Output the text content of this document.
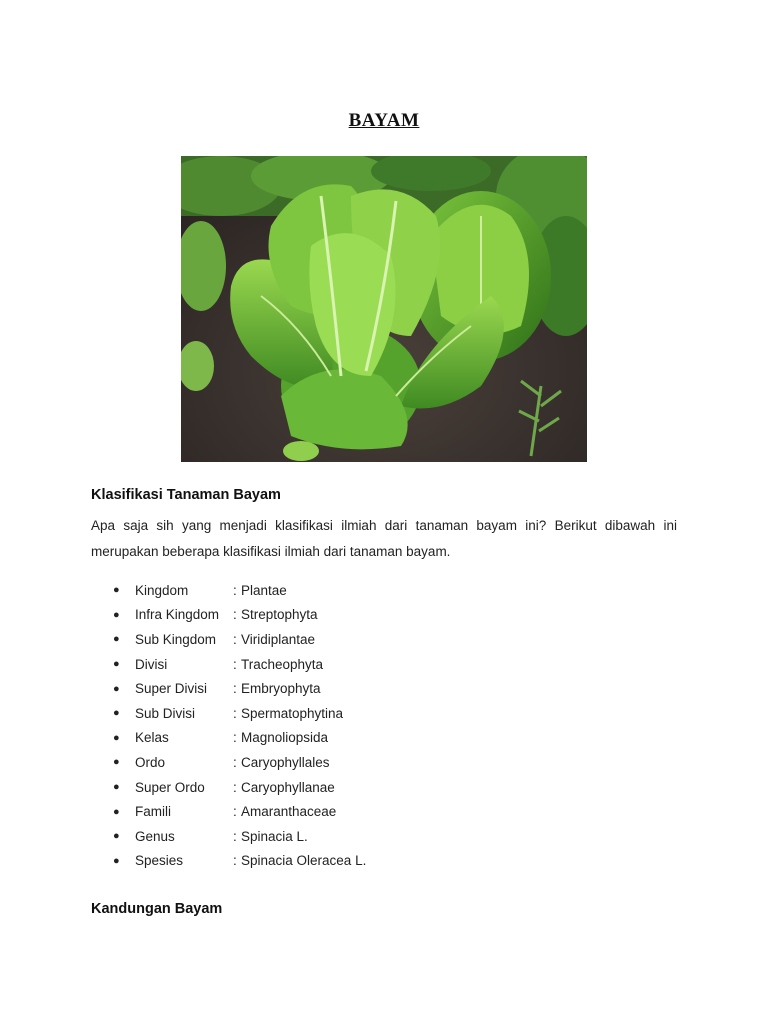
BAYAM
Klasifikasi Tanaman Bayam
Apa saja sih yang menjadi klasifikasi ilmiah dari tanaman bayam ini? Berikut dibawah ini merupakan beberapa klasifikasi ilmiah dari tanaman bayam.
●	Kingdom	: Plantae
●	Infra Kingdom	: Streptophyta
●	Sub Kingdom	: Viridiplantae
●	Divisi	: Tracheophyta
●	Super Divisi	: Embryophyta
●	Sub Divisi	: Spermatophytina
●	Kelas	: Magnoliopsida
●	Ordo	: Caryophyllales
●	Super Ordo	: Caryophyllanae
●	Famili	: Amaranthaceae
●	Genus	: Spinacia L.
●	Spesies	: Spinacia Oleracea L.
Kandungan Bayam
